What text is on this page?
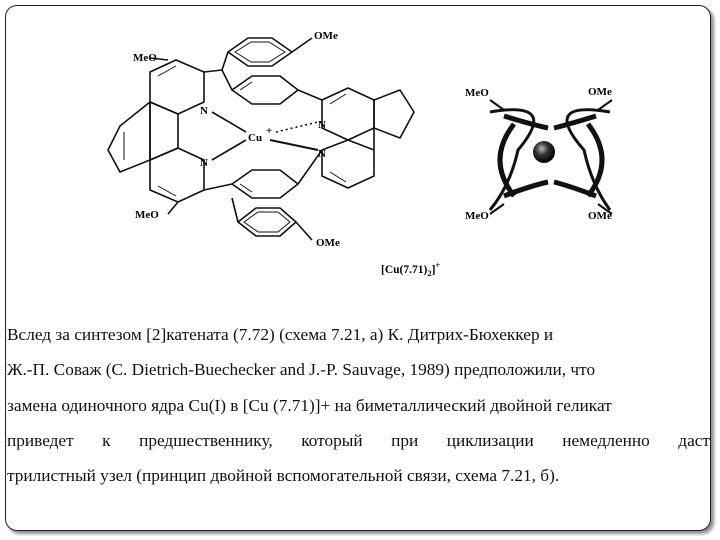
MeO
OMe
N
N
Cu
+	N
N
MeO
OMe
MeO	OMe
MeO	OMe
$[Cu(7.71)_2]^+$
Вслед за синтезом [2]катената (7.72) (схема 7.21, а) К. Дитрих-Бюхеккер и
Ж.-П. Соваж (C. Dietrich-Buechecker and J.-P. Sauvage, 1989) предположили, что
замена одиночного ядра Cu(I) в [Cu (7.71)]+ на биметаллический двойной геликат
приведет к предшественнику, который при циклизации немедленно даст
трилистный узел (принцип двойной вспомогательной связи, схема 7.21, б).
